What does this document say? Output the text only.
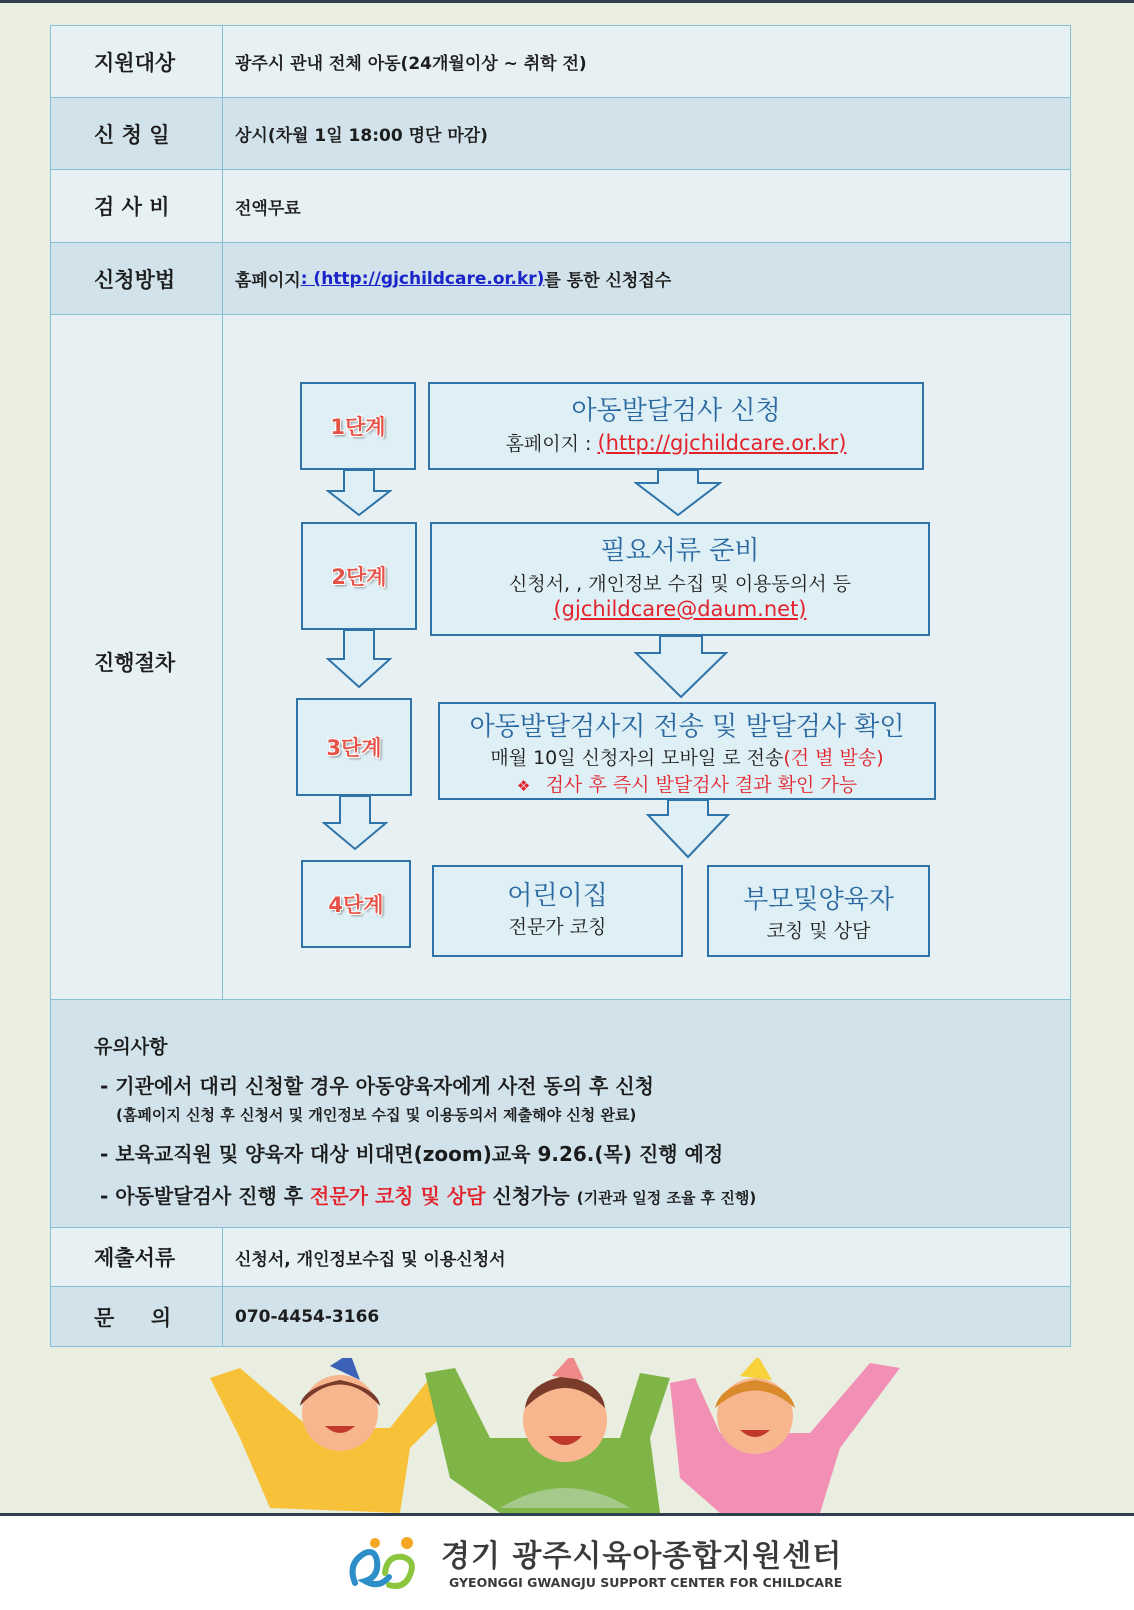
지원대상	광주시 관내 전체 아동(24개월이상 ~ 취학 전)
신 청 일	상시(차월 1일 18:00 명단 마감)
검 사 비	전액무료
신청방법	홈페이지 : (http://gjchildcare.or.kr) 를 통한 신청접수
진행절차
1단계
아동발달검사 신청
홈페이지 : (http://gjchildcare.or.kr)
2단계
필요서류 준비
신청서, , 개인정보 수집 및 이용동의서 등
(gjchildcare@daum.net)
3단계
아동발달검사지 전송 및 발달검사 확인
매월 10일 신청자의 모바일 로 전송(건 별 발송)
❖ 검사 후 즉시 발달검사 결과 확인 가능
4단계	어린이집
전문가 코칭
부모및양육자
코칭 및 상담
유의사항
- 기관에서 대리 신청할 경우 아동양육자에게 사전 동의 후 신청
(홈페이지 신청 후 신청서 및 개인정보 수집 및 이용동의서 제출해야 신청 완료)
- 보육교직원 및 양육자 대상 비대면(zoom)교육 9.26.(목) 진행 예정
- 아동발달검사 진행 후 전문가 코칭 및 상담 신청가능 (기관과 일정 조율 후 진행)
제출서류	신청서, 개인정보수집 및 이용신청서
문     의	070-4454-3166
경기 광주시육아종합지원센터
GYEONGGI GWANGJU SUPPORT CENTER FOR CHILDCARE
